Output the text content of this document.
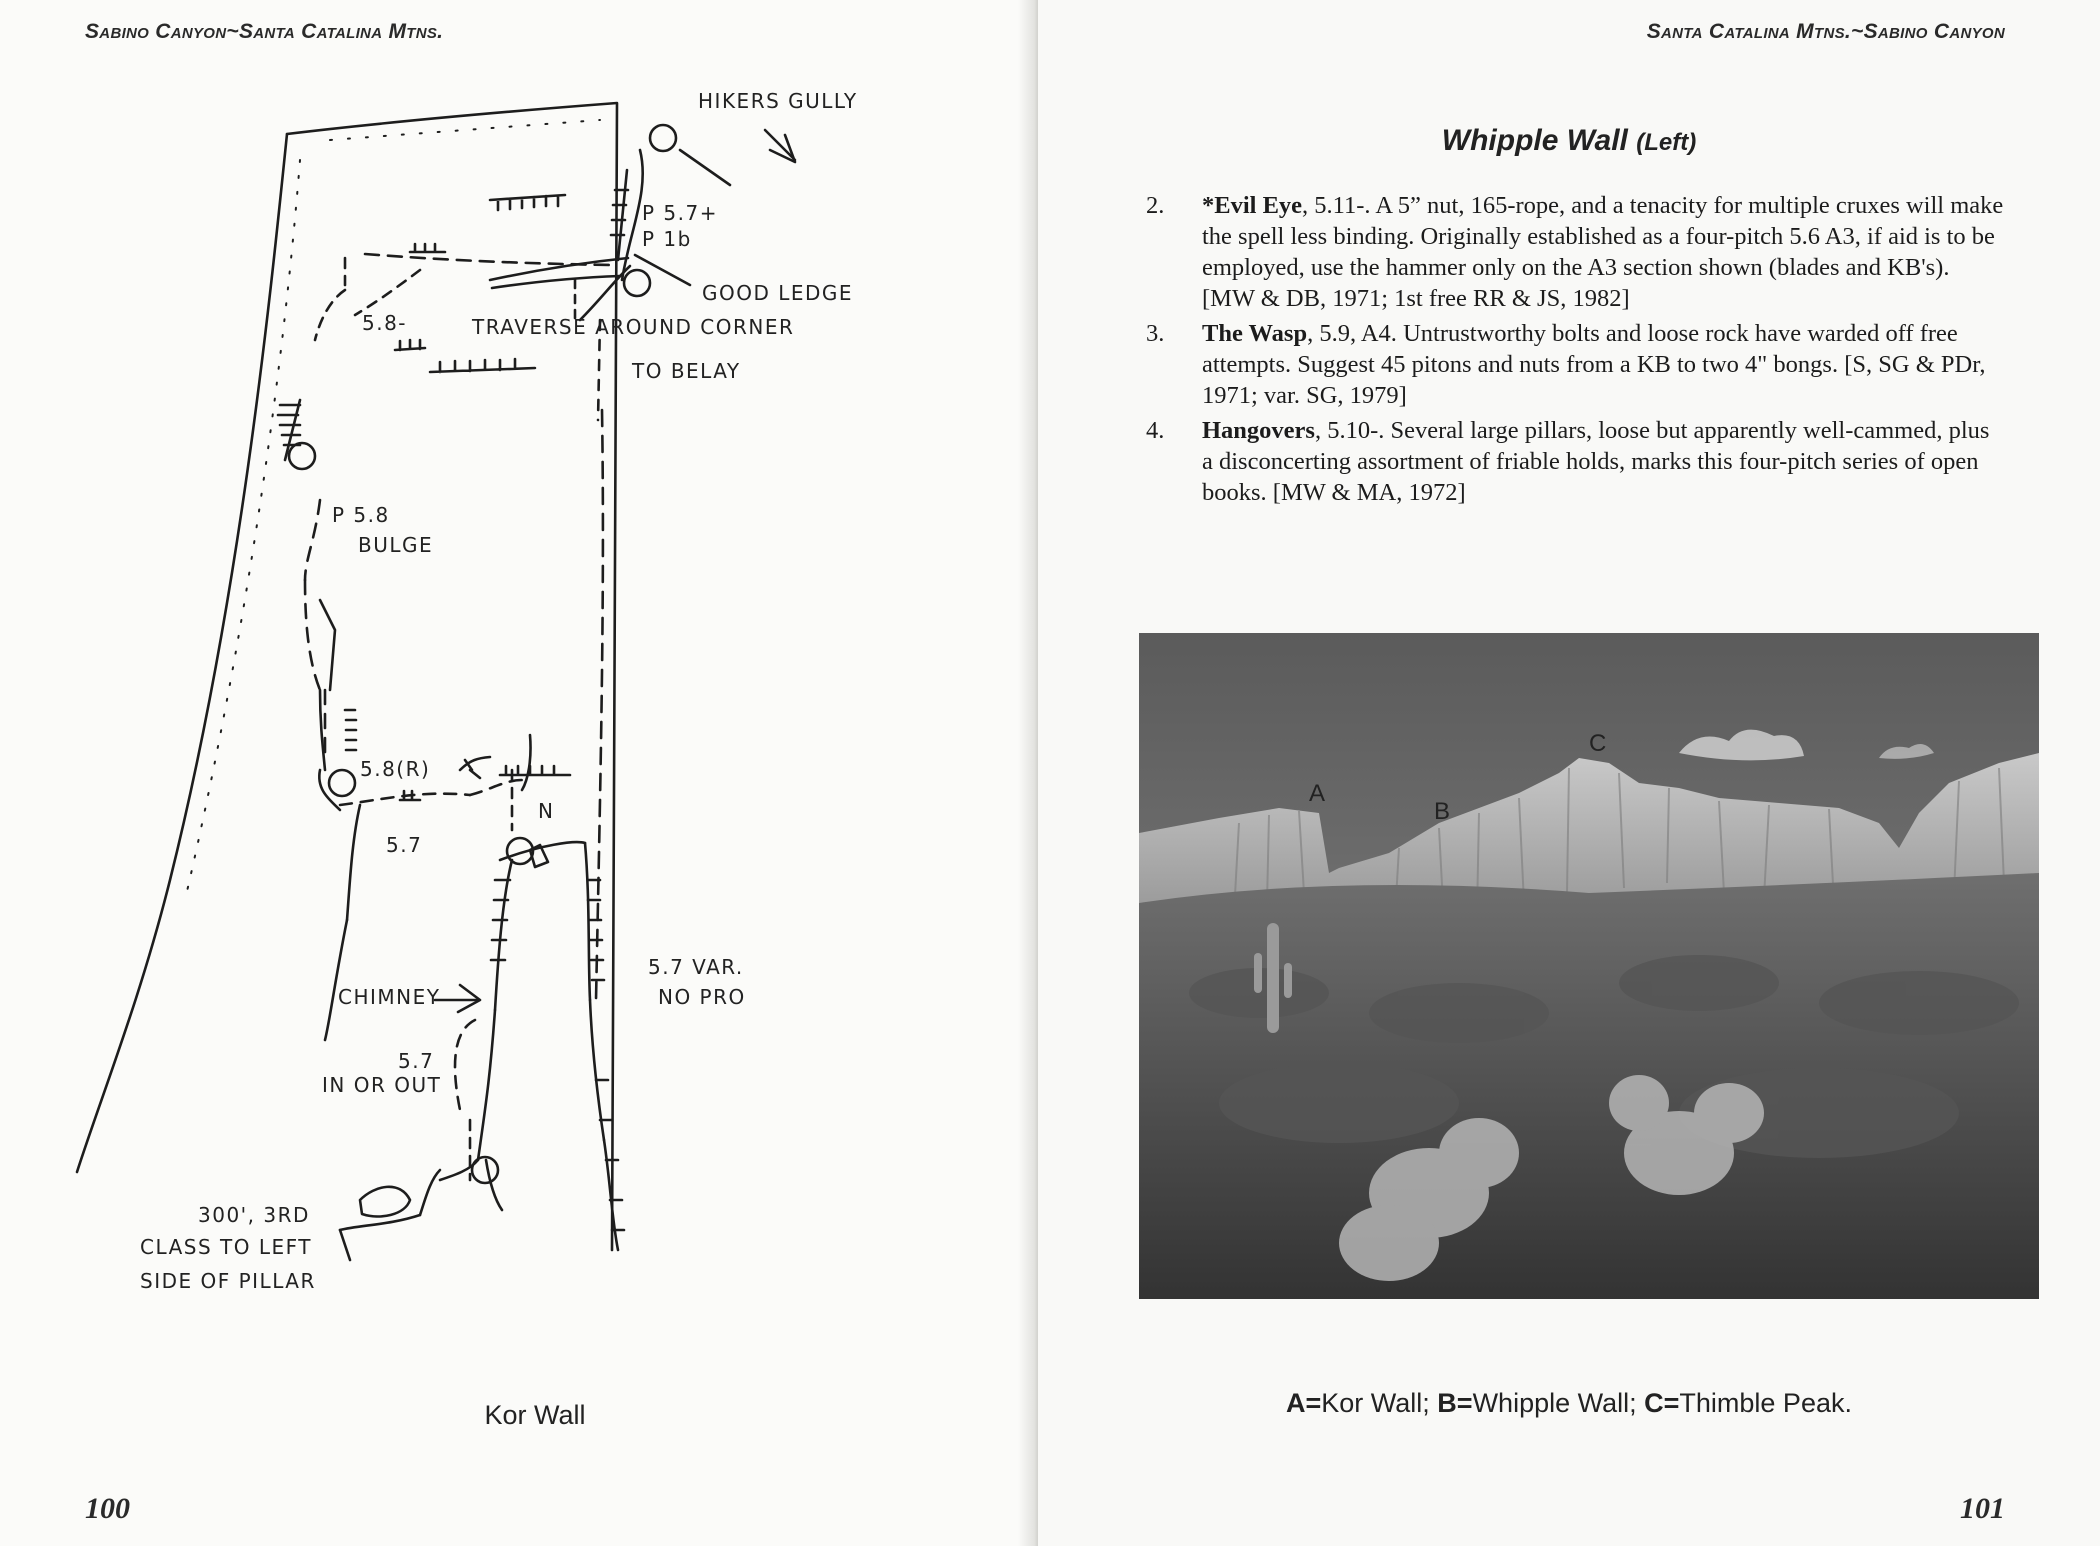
Sabino Canyon~Santa Catalina Mtns.
HIKERS GULLY
P 5.7+
P 1b
GOOD LEDGE
5.8-	TRAVERSE AROUND CORNER
TO BELAY
P 5.8
BULGE
5.8(R)
N
5.7
5.7 VAR.
NO PRO
CHIMNEY
5.7
IN OR OUT
300', 3RD
CLASS TO LEFT
SIDE OF PILLAR
Kor Wall
100
Santa Catalina Mtns.~Sabino Canyon
Whipple Wall (Left)
2. *Evil Eye, 5.11-. A 5” nut, 165-rope, and a tenacity for multiple cruxes will make the spell less binding. Originally established as a four-pitch 5.6 A3, if aid is to be employed, use the hammer only on the A3 section shown (blades and KB's). [MW & DB, 1971; 1st free RR & JS, 1982]
3. The Wasp, 5.9, A4. Untrustworthy bolts and loose rock have warded off free attempts. Suggest 45 pitons and nuts from a KB to two 4" bongs. [S, SG & PDr, 1971; var. SG, 1979]
4. Hangovers, 5.10-. Several large pillars, loose but apparently well-cammed, plus a disconcerting assortment of friable holds, marks this four-pitch series of open books. [MW & MA, 1972]
A
B
C
A=Kor Wall; B=Whipple Wall; C=Thimble Peak.
101
